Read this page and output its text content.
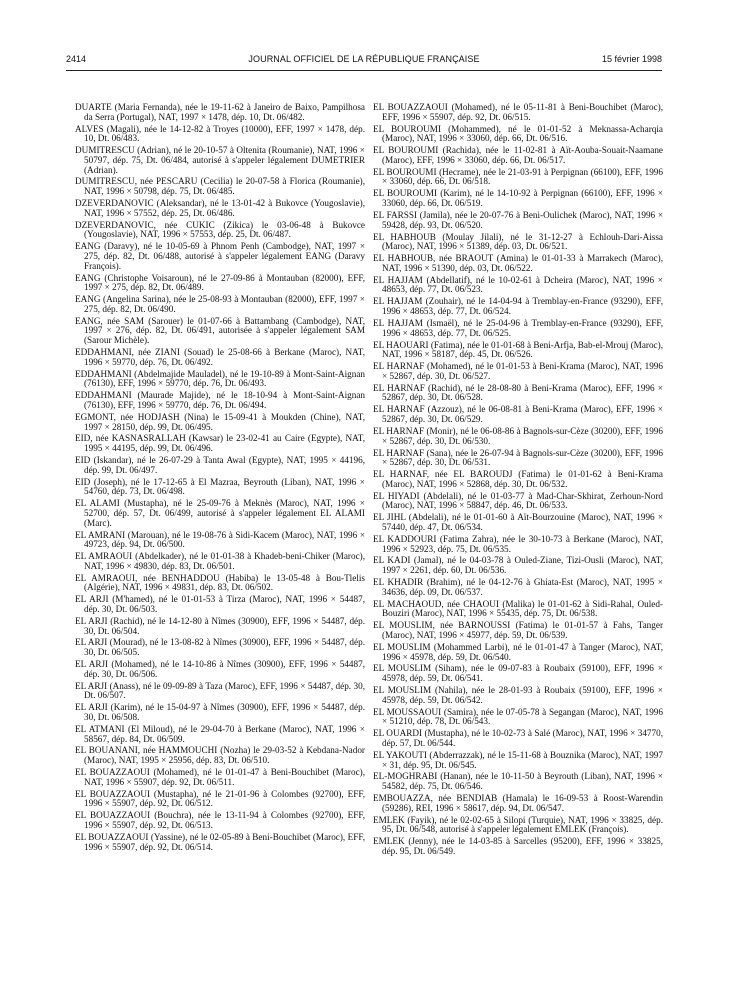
2414	JOURNAL OFFICIEL DE LA RÉPUBLIQUE FRANÇAISE	15 février 1998

DUARTE (Maria Fernanda), née le 19-11-62 à Janeiro de Baixo, Pampilhosa da Serra (Portugal), NAT, 1997 × 1478, dép. 10, Dt. 06/482.

ALVES (Magali), née le 14-12-82 à Troyes (10000), EFF, 1997 × 1478, dép. 10, Dt. 06/483.

DUMITRESCU (Adrian), né le 20-10-57 à Oltenita (Roumanie), NAT, 1996 × 50797, dép. 75, Dt. 06/484, autorisé à s'appeler légalement DUMETRIER (Adrian).

DUMITRESCU, née PESCARU (Cecilia) le 20-07-58 à Florica (Roumanie), NAT, 1996 × 50798, dép. 75, Dt. 06/485.

DZEVERDANOVIC (Aleksandar), né le 13-01-42 à Bukovce (Yougoslavie), NAT, 1996 × 57552, dép. 25, Dt. 06/486.

DZEVERDANOVIC, née CUKIC (Zikica) le 03-06-48 à Bukovce (Yougoslavie), NAT, 1996 × 57553, dép. 25, Dt. 06/487.

EANG (Daravy), né le 10-05-69 à Phnom Penh (Cambodge), NAT, 1997 × 275, dép. 82, Dt. 06/488, autorisé à s'appeler légalement EANG (Daravy François).

EANG (Christophe Voisaroun), né le 27-09-86 à Montauban (82000), EFF, 1997 × 275, dép. 82, Dt. 06/489.

EANG (Angelina Sarina), née le 25-08-93 à Montauban (82000), EFF, 1997 × 275, dép. 82, Dt. 06/490.

EANG, née SAM (Sarouer) le 01-07-66 à Battambang (Cambodge), NAT, 1997 × 276, dép. 82, Dt. 06/491, autorisée à s'appeler légalement SAM (Sarour Michèle).

EDDAHMANI, née ZIANI (Souad) le 25-08-66 à Berkane (Maroc), NAT, 1996 × 59770, dép. 76, Dt. 06/492.

EDDAHMANI (Abdelmajide Mauladel), né le 19-10-89 à Mont-Saint-Aignan (76130), EFF, 1996 × 59770, dép. 76, Dt. 06/493.

EDDAHMANI (Maurade Majide), né le 18-10-94 à Mont-Saint-Aignan (76130), EFF, 1996 × 59770, dép. 76, Dt. 06/494.

EGMONT, née HODJASH (Nina) le 15-09-41 à Moukden (Chine), NAT, 1997 × 28150, dép. 99, Dt. 06/495.

EID, née KASNASRALLAH (Kawsar) le 23-02-41 au Caire (Egypte), NAT, 1995 × 44195, dép. 99, Dt. 06/496.

EID (Iskandar), né le 26-07-29 à Tanta Awal (Egypte), NAT, 1995 × 44196, dép. 99, Dt. 06/497.

EID (Joseph), né le 17-12-65 à El Mazraa, Beyrouth (Liban), NAT, 1996 × 54760, dép. 73, Dt. 06/498.

EL ALAMI (Mustapha), né le 25-09-76 à Meknès (Maroc), NAT, 1996 × 52700, dép. 57, Dt. 06/499, autorisé à s'appeler légalement EL ALAMI (Marc).

EL AMRANI (Marouan), né le 19-08-76 à Sidi-Kacem (Maroc), NAT, 1996 × 49723, dép. 94, Dt. 06/500.

EL AMRAOUI (Abdelkader), né le 01-01-38 à Khadeb-beni-Chiker (Maroc), NAT, 1996 × 49830, dép. 83, Dt. 06/501.

EL AMRAOUI, née BENHADDOU (Habiba) le 13-05-48 à Bou-Tlelis (Algérie), NAT, 1996 × 49831, dép. 83, Dt. 06/502.

EL ARJI (M'hamed), né le 01-01-53 à Tirza (Maroc), NAT, 1996 × 54487, dép. 30, Dt. 06/503.

EL ARJI (Rachid), né le 14-12-80 à Nîmes (30900), EFF, 1996 × 54487, dép. 30, Dt. 06/504.

EL ARJI (Mourad), né le 13-08-82 à Nîmes (30900), EFF, 1996 × 54487, dép. 30, Dt. 06/505.

EL ARJI (Mohamed), né le 14-10-86 à Nîmes (30900), EFF, 1996 × 54487, dép. 30, Dt. 06/506.

EL ARJI (Anass), né le 09-09-89 à Taza (Maroc), EFF, 1996 × 54487, dép. 30, Dt. 06/507.

EL ARJI (Karim), né le 15-04-97 à Nîmes (30900), EFF, 1996 × 54487, dép. 30, Dt. 06/508.

EL ATMANI (El Miloud), né le 29-04-70 à Berkane (Maroc), NAT, 1996 × 58567, dép. 84, Dt. 06/509.

EL BOUANANI, née HAMMOUCHI (Nozha) le 29-03-52 à Kebdana-Nador (Maroc), NAT, 1995 × 25956, dép. 83, Dt. 06/510.

EL BOUAZZAOUI (Mohamed), né le 01-01-47 à Beni-Bouchibet (Maroc), NAT, 1996 × 55907, dép. 92, Dt. 06/511.

EL BOUAZZAOUI (Mustapha), né le 21-01-96 à Colombes (92700), EFF, 1996 × 55907, dép. 92, Dt. 06/512.

EL BOUAZZAOUI (Bouchra), née le 13-11-94 à Colombes (92700), EFF, 1996 × 55907, dép. 92, Dt. 06/513.

EL BOUAZZAOUI (Yassine), né le 02-05-89 à Beni-Bouchibet (Maroc), EFF, 1996 × 55907, dép. 92, Dt. 06/514.

EL BOUAZZAOUI (Mohamed), né le 05-11-81 à Beni-Bouchibet (Maroc), EFF, 1996 × 55907, dép. 92, Dt. 06/515.

EL BOUROUMI (Mohammed), né le 01-01-52 à Meknassa-Acharqia (Maroc), NAT, 1996 × 33060, dép. 66, Dt. 06/516.

EL BOUROUMI (Rachida), née le 11-02-81 à Aït-Aouba-Souait-Naamane (Maroc), EFF, 1996 × 33060, dép. 66, Dt. 06/517.

EL BOUROUMI (Hecrame), née le 21-03-91 à Perpignan (66100), EFF, 1996 × 33060, dép. 66, Dt. 06/518.

EL BOUROUMI (Karim), né le 14-10-92 à Perpignan (66100), EFF, 1996 × 33060, dép. 66, Dt. 06/519.

EL FARSSI (Jamila), née le 20-07-76 à Beni-Oulichek (Maroc), NAT, 1996 × 59428, dép. 93, Dt. 06/520.

EL HABHOUB (Moulay Jilali), né le 31-12-27 à Echlouh-Dari-Aissa (Maroc), NAT, 1996 × 51389, dép. 03, Dt. 06/521.

EL HABHOUB, née BRAOUT (Amina) le 01-01-33 à Marrakech (Maroc), NAT, 1996 × 51390, dép. 03, Dt. 06/522.

EL HAJJAM (Abdellatif), né le 10-02-61 à Dcheira (Maroc), NAT, 1996 × 48653, dép. 77, Dt. 06/523.

EL HAJJAM (Zouhair), né le 14-04-94 à Tremblay-en-France (93290), EFF, 1996 × 48653, dép. 77, Dt. 06/524.

EL HAJJAM (Ismaël), né le 25-04-96 à Tremblay-en-France (93290), EFF, 1996 × 48653, dép. 77, Dt. 06/525.

EL HAOUARI (Fatima), née le 01-01-68 à Beni-Arfja, Bab-el-Mrouj (Maroc), NAT, 1996 × 58187, dép. 45, Dt. 06/526.

EL HARNAF (Mohamed), né le 01-01-53 à Beni-Krama (Maroc), NAT, 1996 × 52867, dép. 30, Dt. 06/527.

EL HARNAF (Rachid), né le 28-08-80 à Beni-Krama (Maroc), EFF, 1996 × 52867, dép. 30, Dt. 06/528.

EL HARNAF (Azzouz), né le 06-08-81 à Beni-Krama (Maroc), EFF, 1996 × 52867, dép. 30, Dt. 06/529.

EL HARNAF (Monir), né le 06-08-86 à Bagnols-sur-Cèze (30200), EFF, 1996 × 52867, dép. 30, Dt. 06/530.

EL HARNAF (Sana), née le 26-07-94 à Bagnols-sur-Cèze (30200), EFF, 1996 × 52867, dép. 30, Dt. 06/531.

EL HARNAF, née EL BAROUDJ (Fatima) le 01-01-62 à Beni-Krama (Maroc), NAT, 1996 × 52868, dép. 30, Dt. 06/532.

EL HIYADI (Abdelali), né le 01-03-77 à Mad-Char-Skhirat, Zerhoun-Nord (Maroc), NAT, 1996 × 58847, dép. 46, Dt. 06/533.

EL JIHL (Abdelali), né le 01-01-60 à Aït-Bourzouine (Maroc), NAT, 1996 × 57440, dép. 47, Dt. 06/534.

EL KADDOURI (Fatima Zahra), née le 30-10-73 à Berkane (Maroc), NAT, 1996 × 52923, dép. 75, Dt. 06/535.

EL KADI (Jamal), né le 04-03-78 à Ouled-Ziane, Tizi-Ousli (Maroc), NAT, 1997 × 2261, dép. 60, Dt. 06/536.

EL KHADIR (Brahim), né le 04-12-76 à Ghiata-Est (Maroc), NAT, 1995 × 34636, dép. 09, Dt. 06/537.

EL MACHAOUD, née CHAOUI (Malika) le 01-01-62 à Sidi-Rahal, Ouled-Bouziri (Maroc), NAT, 1996 × 55435, dép. 75, Dt. 06/538.

EL MOUSLIM, née BARNOUSSI (Fatima) le 01-01-57 à Fahs, Tanger (Maroc), NAT, 1996 × 45977, dép. 59, Dt. 06/539.

EL MOUSLIM (Mohammed Larbi), né le 01-01-47 à Tanger (Maroc), NAT, 1996 × 45978, dép. 59, Dt. 06/540.

EL MOUSLIM (Siham), née le 09-07-83 à Roubaix (59100), EFF, 1996 × 45978, dép. 59, Dt. 06/541.

EL MOUSLIM (Nahila), née le 28-01-93 à Roubaix (59100), EFF, 1996 × 45978, dép. 59, Dt. 06/542.

EL MOUSSAOUI (Samira), née le 07-05-78 à Segangan (Maroc), NAT, 1996 × 51210, dép. 78, Dt. 06/543.

EL OUARDI (Mustapha), né le 10-02-73 à Salé (Maroc), NAT, 1996 × 34770, dép. 57, Dt. 06/544.

EL YAKOUTI (Abderrazzak), né le 15-11-68 à Bouznika (Maroc), NAT, 1997 × 31, dép. 95, Dt. 06/545.

EL-MOGHRABI (Hanan), née le 10-11-50 à Beyrouth (Liban), NAT, 1996 × 54582, dép. 75, Dt. 06/546.

EMBOUAZZA, née BENDIAB (Hamala) le 16-09-53 à Roost-Warendin (59286), REI, 1996 × 58617, dép. 94, Dt. 06/547.

EMLEK (Fayik), né le 02-02-65 à Silopi (Turquie), NAT, 1996 × 33825, dép. 95, Dt. 06/548, autorisé à s'appeler légalement EMLEK (François).

EMLEK (Jenny), née le 14-03-85 à Sarcelles (95200), EFF, 1996 × 33825, dép. 95, Dt. 06/549.
